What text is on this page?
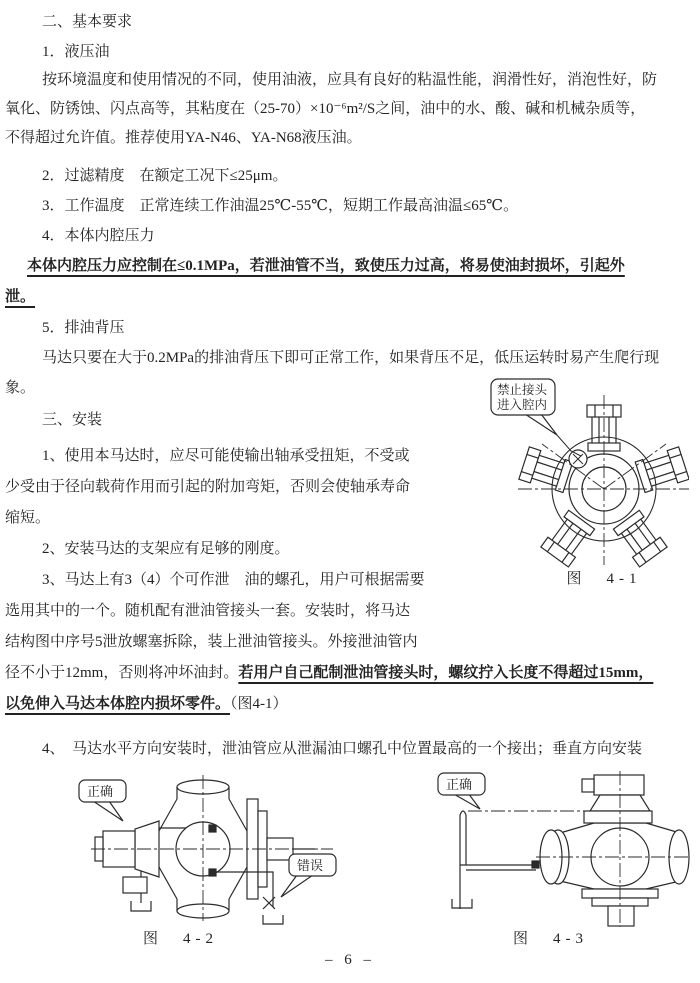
二、基本要求
1．液压油
按环境温度和使用情况的不同，使用油液，应具有良好的粘温性能，润滑性好，消泡性好，防
氧化、防锈蚀、闪点高等，其粘度在（25-70）×10⁻⁶m²/S之间，油中的水、酸、碱和机械杂质等，
不得超过允许值。推荐使用YA-N46、YA-N68液压油。
2．过滤精度　在额定工况下≤25μm。
3．工作温度　正常连续工作油温25℃-55℃，短期工作最高油温≤65℃。
4．本体内腔压力
本体内腔压力应控制在≤0.1MPa，若泄油管不当，致使压力过高，将易使油封损坏，引起外
泄。
5．排油背压
马达只要在大于0.2MPa的排油背压下即可正常工作，如果背压不足，低压运转时易产生爬行现
象。	禁止接头
进入腔内
图　4-1
三、安装
1、使用本马达时，应尽可能使输出轴承受扭矩，不受或
少受由于径向载荷作用而引起的附加弯矩，否则会使轴承寿命
缩短。
2、安装马达的支架应有足够的刚度。
3、马达上有3（4）个可作泄　油的螺孔，用户可根据需要
选用其中的一个。随机配有泄油管接头一套。安装时，将马达
结构图中序号5泄放螺塞拆除，装上泄油管接头。外接泄油管内
径不小于12mm，否则将冲坏油封。若用户自己配制泄油管接头时，螺纹拧入长度不得超过15mm，
以免伸入马达本体腔内损坏零件。（图4-1）
4、　马达水平方向安装时，泄油管应从泄漏油口螺孔中位置最高的一个接出；垂直方向安装
正确
错误
图　4-2
正确
图　4-3
– 6 –
